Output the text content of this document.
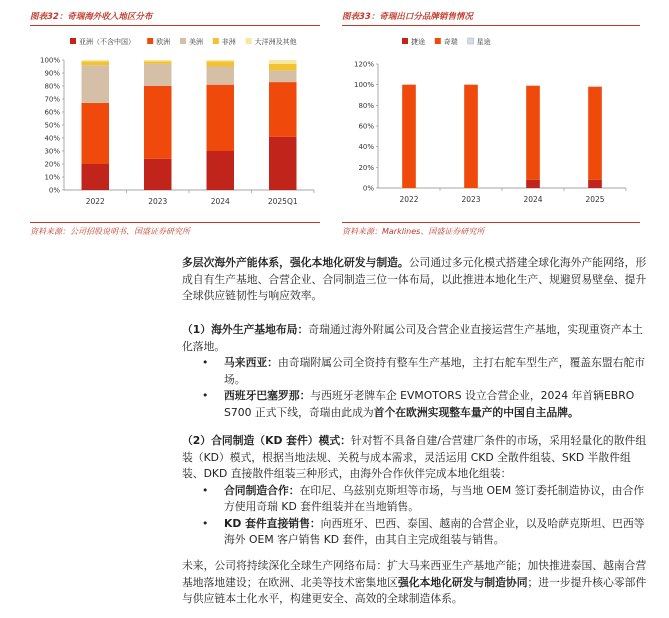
图表32：奇瑞海外收入地区分布	图表33：奇瑞出口分品牌销售情况
亚洲（不含中国）	欧洲	美洲	非洲	大洋洲及其他
0%
10%
20%
30%
40%
50%
60%
70%
80%
90%
100%
2022	2023	2024	2025Q1
捷途	奇瑞	星途
0%
20%
40%
60%
80%
100%
120%
2022	2023	2024	2025
资料来源：公司招股说明书、国盛证券研究所	资料来源：Marklines、国盛证券研究所

多层次海外产能体系，强化本地化研发与制造。公司通过多元化模式搭建全球化海外产能网络，形成自有生产基地、合营企业、合同制造三位一体布局，以此推进本地化生产、规避贸易壁垒、提升全球供应链韧性与响应效率。

（1）海外生产基地布局：奇瑞通过海外附属公司及合营企业直接运营生产基地，实现重资产本土化落地。

• 马来西亚：由奇瑞附属公司全资持有整车生产基地，主打右舵车型生产，覆盖东盟右舵市场。
• 西班牙巴塞罗那：与西班牙老牌车企 EVMOTORS 设立合营企业，2024 年首辆EBRO S700 正式下线，奇瑞由此成为首个在欧洲实现整车量产的中国自主品牌。

（2）合同制造（KD 套件）模式：针对暂不具备自建/合营建厂条件的市场，采用轻量化的散件组装（KD）模式，根据当地法规、关税与成本需求，灵活运用 CKD 全散件组装、SKD 半散件组装、DKD 直接散件组装三种形式，由海外合作伙伴完成本地化组装：

• 合同制造合作：在印尼、乌兹别克斯坦等市场，与当地 OEM 签订委托制造协议，由合作方使用奇瑞 KD 套件组装并在当地销售。
• KD 套件直接销售：向西班牙、巴西、泰国、越南的合营企业，以及哈萨克斯坦、巴西等海外 OEM 客户销售 KD 套件，由其自主完成组装与销售。

未来，公司将持续深化全球生产网络布局：扩大马来西亚生产基地产能；加快推进泰国、越南合营基地落地建设；在欧洲、北美等技术密集地区强化本地化研发与制造协同；进一步提升核心零部件与供应链本土化水平，构建更安全、高效的全球制造体系。
